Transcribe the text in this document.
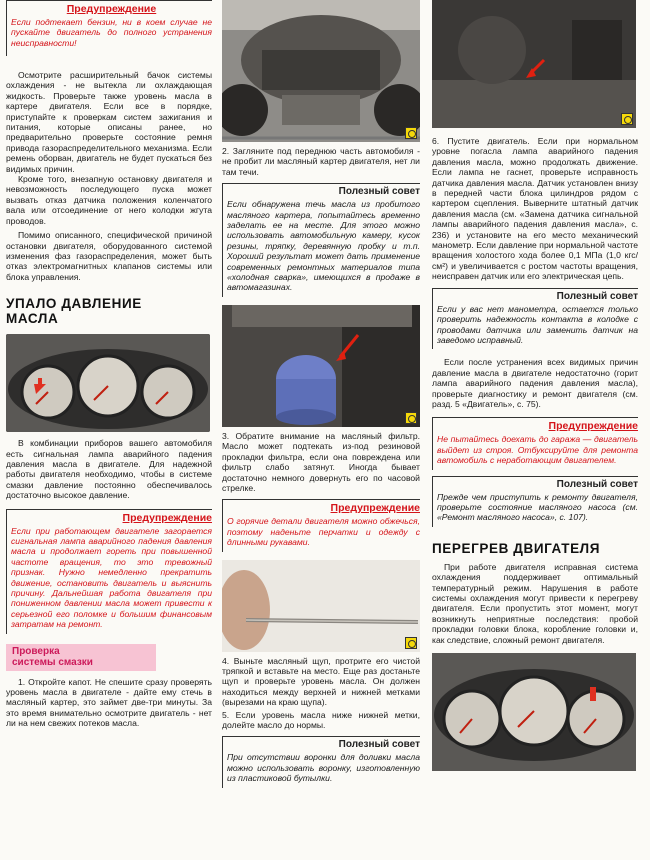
Предупреждение
Если подтекает бензин, ни в коем случае не пускайте двигатель до полного устранения неисправности!

Осмотрите расширительный бачок системы охлаждения - не вытекла ли охлаждающая жидкость. Проверьте также уровень масла в картере двигателя. Если все в порядке, приступайте к проверкам систем зажигания и питания, которые описаны ранее, но предварительно проверьте состояние ремня привода газораспределительного механизма. Если ремень оборван, двигатель не будет пускаться без видимых причин.

Кроме того, внезапную остановку двигателя и невозможность последующего пуска может вызвать отказ датчика положения коленчатого вала или отсоединение от него колодки жгута проводов.

Помимо описанного, специфической причиной остановки двигателя, оборудованного системой изменения фаз газораспределения, может быть отказ электромагнитных клапанов системы или блока управления.

УПАЛО ДАВЛЕНИЕ МАСЛА

В комбинации приборов вашего автомобиля есть сигнальная лампа аварийного падения давления масла в двигателе. Для надежной работы двигателя необходимо, чтобы в системе смазки давление постоянно обеспечивалось достаточно высокое давление.

Предупреждение
Если при работающем двигателе загорается сигнальная лампа аварийного падения давления масла и продолжает гореть при повышенной частоте вращения, то это тревожный признак. Нужно немедленно прекратить движение, остановить двигатель и выяснить причину. Дальнейшая работа двигателя при пониженном давлении масла может привести к серьезной его поломке и большим финансовым затратам на ремонт.
Проверка
системы смазки

1. Откройте капот. Не спешите сразу проверять уровень масла в двигателе - дайте ему стечь в масляный картер, это займет две-три минуты. За это время внимательно осмотрите двигатель - нет ли на нем свежих потеков масла.

2. Загляните под переднюю часть автомобиля - не пробит ли масляный картер двигателя, нет ли там течи.

Полезный совет
Если обнаружена течь масла из пробитого масляного картера, попытайтесь временно заделать ее на месте. Для этого можно использовать автомобильную камеру, кусок резины, тряпку, деревянную пробку и т.п. Хороший результат может дать применение современных ремонтных материалов типа «холодная сварка», имеющихся в продаже в автомагазинах.

3. Обратите внимание на масляный фильтр. Масло может подтекать из-под резиновой прокладки фильтра, если она повреждена или фильтр слабо затянут. Иногда бывает достаточно немного довернуть его по часовой стрелке.

Предупреждение
О горячие детали двигателя можно обжечься, поэтому наденьте перчатки и одежду с длинными рукавами.

4. Выньте масляный щуп, протрите его чистой тряпкой и вставьте на место. Еще раз достаньте щуп и проверьте уровень масла. Он должен находиться между верхней и нижней метками (вырезами на краю щупа).

5. Если уровень масла ниже нижней метки, долейте масло до нормы.

Полезный совет
При отсутствии воронки для доливки масла можно использовать воронку, изготовленную из пластиковой бутылки.

6. Пустите двигатель. Если при нормальном уровне погасла лампа аварийного падения давления масла, можно продолжать движение. Если лампа не гаснет, проверьте исправность датчика давления масла. Датчик установлен внизу в передней части блока цилиндров рядом с картером сцепления. Выверните штатный датчик давления масла (см. «Замена датчика сигнальной лампы аварийного падения давления масла», с. 236) и установите на его место механический манометр. Если давление при нормальной частоте вращения холостого хода более 0,1 МПа (1,0 кгс/см²) и увеличивается с ростом частоты вращения, неисправен датчик или его электрическая цепь.

Полезный совет
Если у вас нет манометра, остается только проверить надежность контакта в колодке с проводами датчика или заменить датчик на заведомо исправный.

Если после устранения всех видимых причин давление масла в двигателе недостаточно (горит лампа аварийного падения давления масла), проверьте диагностику и ремонт двигателя (см. разд. 5 «Двигатель», с. 75).

Предупреждение
Не пытайтесь доехать до гаража — двигатель выйдет из строя. Отбуксируйте для ремонта автомобиль с неработающим двигателем.
Полезный совет
Прежде чем приступить к ремонту двигателя, проверьте состояние масляного насоса (см. «Ремонт масляного насоса», с. 107).
ПЕРЕГРЕВ ДВИГАТЕЛЯ

При работе двигателя исправная система охлаждения поддерживает оптимальный температурный режим. Нарушения в работе системы охлаждения могут привести к перегреву двигателя. Если пропустить этот момент, могут возникнуть неприятные последствия: пробой прокладки головки блока, коробление головки и, как следствие, сложный ремонт двигателя.
